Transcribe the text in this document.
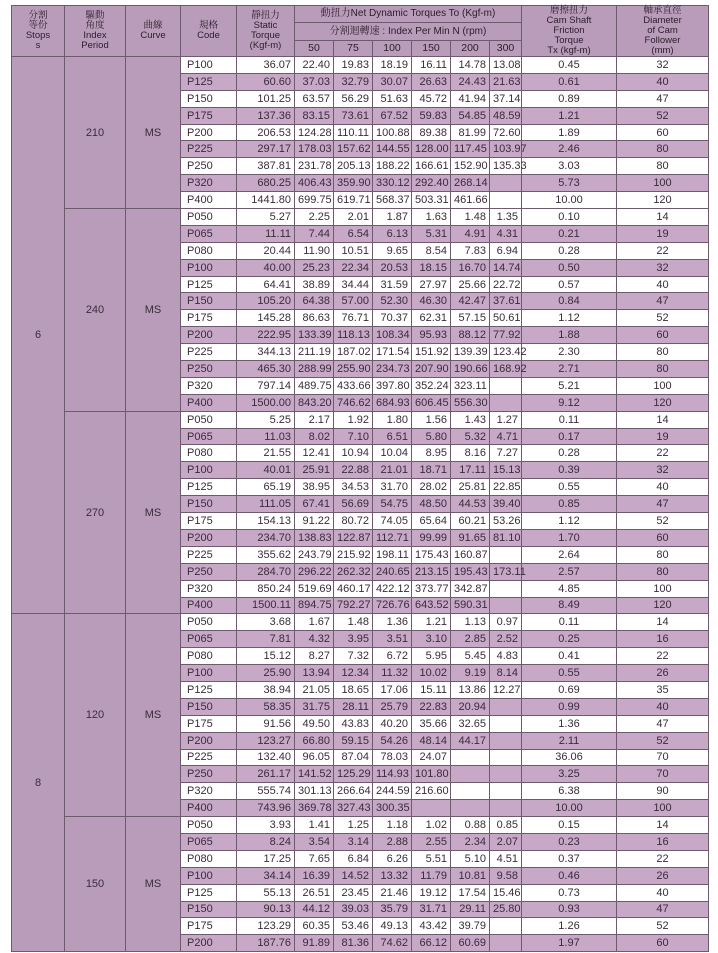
分割
等份
Stops
s	驅動
角度
Index
Period	曲線
Curve	規格
Code	靜扭力
Static
Torque
(Kgf-m)	動扭力Net Dynamic Torques To (Kgf-m)						磨擦扭力
Cam Shaft
Friction
Torque
Tx (kgf-m)	軸承直徑
Diameter
of Cam
Follower
(mm)
					分割迴轉速 : Index Per Min N (rpm)							
					50	75	100	150	200	300		
6	210	MS	P100	36.07	22.40	19.83	18.19	16.11	14.78	13.08	0.45	32
			P125	60.60	37.03	32.79	30.07	26.63	24.43	21.63	0.61	40
			P150	101.25	63.57	56.29	51.63	45.72	41.94	37.14	0.89	47
			P175	137.36	83.15	73.61	67.52	59.83	54.85	48.59	1.21	52
			P200	206.53	124.28	110.11	100.88	89.38	81.99	72.60	1.89	60
			P225	297.17	178.03	157.62	144.55	128.00	117.45	103.97	2.46	80
			P250	387.81	231.78	205.13	188.22	166.61	152.90	135.33	3.03	80
			P320	680.25	406.43	359.90	330.12	292.40	268.14		5.73	100
			P400	1441.80	699.75	619.71	568.37	503.31	461.66		10.00	120
	240	MS	P050	5.27	2.25	2.01	1.87	1.63	1.48	1.35	0.10	14
			P065	11.11	7.44	6.54	6.13	5.31	4.91	4.31	0.21	19
			P080	20.44	11.90	10.51	9.65	8.54	7.83	6.94	0.28	22
			P100	40.00	25.23	22.34	20.53	18.15	16.70	14.74	0.50	32
			P125	64.41	38.89	34.44	31.59	27.97	25.66	22.72	0.57	40
			P150	105.20	64.38	57.00	52.30	46.30	42.47	37.61	0.84	47
			P175	145.28	86.63	76.71	70.37	62.31	57.15	50.61	1.12	52
			P200	222.95	133.39	118.13	108.34	95.93	88.12	77.92	1.88	60
			P225	344.13	211.19	187.02	171.54	151.92	139.39	123.42	2.30	80
			P250	465.30	288.99	255.90	234.73	207.90	190.66	168.92	2.71	80
			P320	797.14	489.75	433.66	397.80	352.24	323.11		5.21	100
			P400	1500.00	843.20	746.62	684.93	606.45	556.30		9.12	120
	270	MS	P050	5.25	2.17	1.92	1.80	1.56	1.43	1.27	0.11	14
			P065	11.03	8.02	7.10	6.51	5.80	5.32	4.71	0.17	19
			P080	21.55	12.41	10.94	10.04	8.95	8.16	7.27	0.28	22
			P100	40.01	25.91	22.88	21.01	18.71	17.11	15.13	0.39	32
			P125	65.19	38.95	34.53	31.70	28.02	25.81	22.85	0.55	40
			P150	111.05	67.41	56.69	54.75	48.50	44.53	39.40	0.85	47
			P175	154.13	91.22	80.72	74.05	65.64	60.21	53.26	1.12	52
			P200	234.70	138.83	122.87	112.71	99.99	91.65	81.10	1.70	60
			P225	355.62	243.79	215.92	198.11	175.43	160.87		2.64	80
			P250	284.70	296.22	262.32	240.65	213.15	195.43	173.11	2.57	80
			P320	850.24	519.69	460.17	422.12	373.77	342.87		4.85	100
			P400	1500.11	894.75	792.27	726.76	643.52	590.31		8.49	120
8	120	MS	P050	3.68	1.67	1.48	1.36	1.21	1.13	0.97	0.11	14
			P065	7.81	4.32	3.95	3.51	3.10	2.85	2.52	0.25	16
			P080	15.12	8.27	7.32	6.72	5.95	5.45	4.83	0.41	22
			P100	25.90	13.94	12.34	11.32	10.02	9.19	8.14	0.55	26
			P125	38.94	21.05	18.65	17.06	15.11	13.86	12.27	0.69	35
			P150	58.35	31.75	28.11	25.79	22.83	20.94		0.99	40
			P175	91.56	49.50	43.83	40.20	35.66	32.65		1.36	47
			P200	123.27	66.80	59.15	54.26	48.14	44.17		2.11	52
			P225	132.40	96.05	87.04	78.03	24.07			36.06	70
			P250	261.17	141.52	125.29	114.93	101.80			3.25	70
			P320	555.74	301.13	266.64	244.59	216.60			6.38	90
			P400	743.96	369.78	327.43	300.35				10.00	100
	150	MS	P050	3.93	1.41	1.25	1.18	1.02	0.88	0.85	0.15	14
			P065	8.24	3.54	3.14	2.88	2.55	2.34	2.07	0.23	16
			P080	17.25	7.65	6.84	6.26	5.51	5.10	4.51	0.37	22
			P100	34.14	16.39	14.52	13.32	11.79	10.81	9.58	0.46	26
			P125	55.13	26.51	23.45	21.46	19.12	17.54	15.46	0.73	40
			P150	90.13	44.12	39.03	35.79	31.71	29.11	25.80	0.93	47
			P175	123.29	60.35	53.46	49.13	43.42	39.79		1.26	52
			P200	187.76	91.89	81.36	74.62	66.12	60.69		1.97	60
